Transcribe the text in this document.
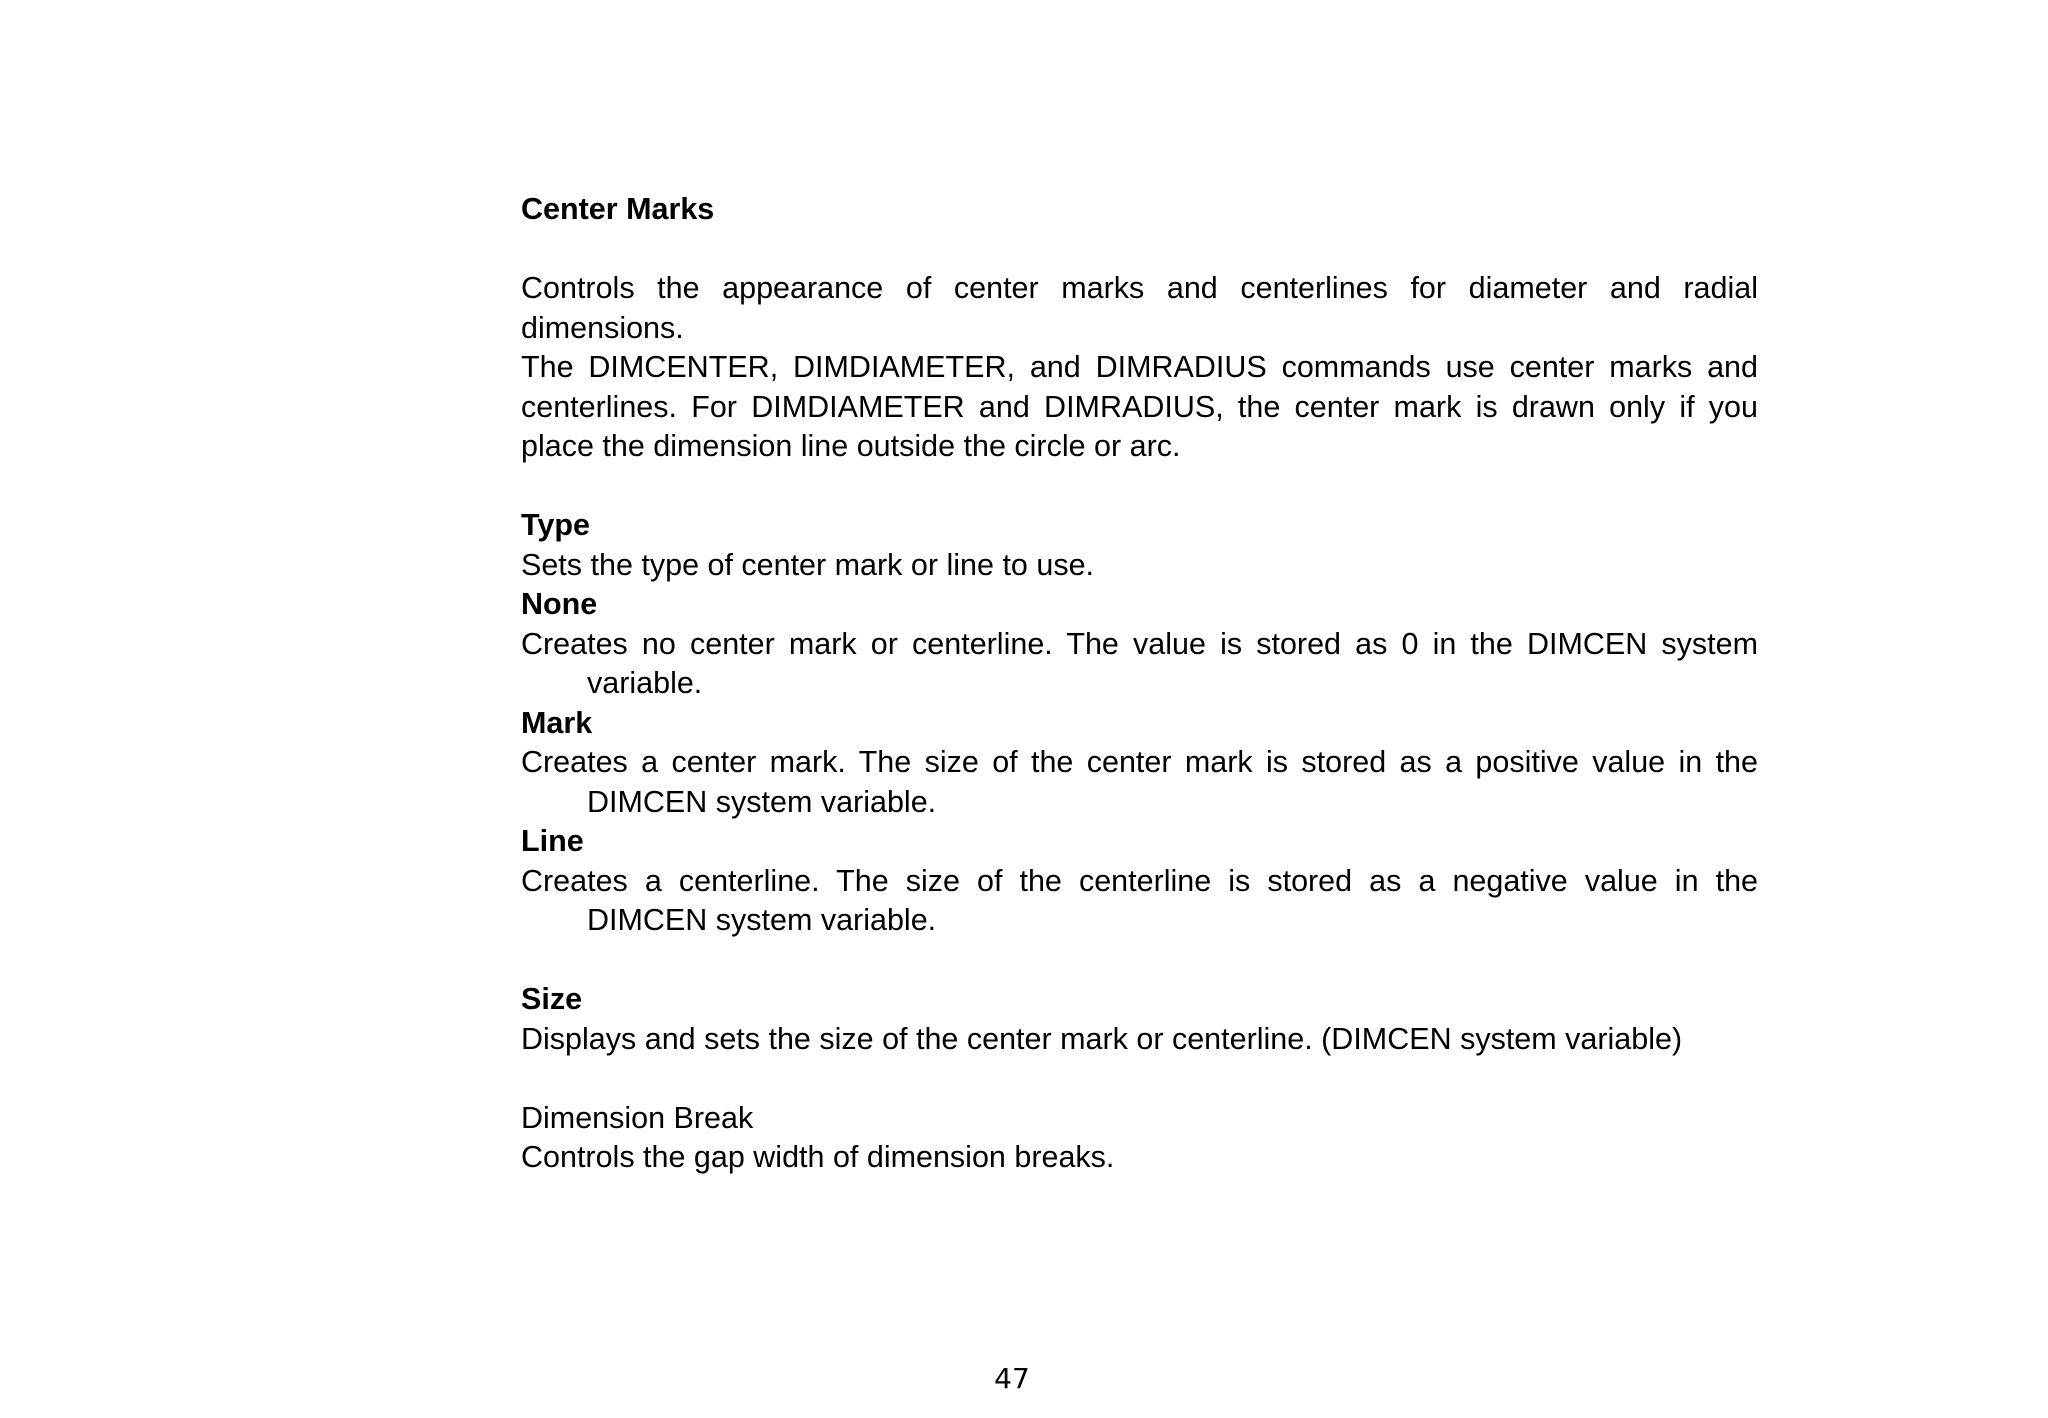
Center Marks

Controls the appearance of center marks and centerlines for diameter and radial dimensions.

The DIMCENTER, DIMDIAMETER, and DIMRADIUS commands use center marks and centerlines. For DIMDIAMETER and DIMRADIUS, the center mark is drawn only if you place the dimension line outside the circle or arc.

Type

Sets the type of center mark or line to use.

None

Creates no center mark or centerline. The value is stored as 0 in the DIMCEN system variable.

Mark

Creates a center mark. The size of the center mark is stored as a positive value in the DIMCEN system variable.

Line

Creates a centerline. The size of the centerline is stored as a negative value in the DIMCEN system variable.

Size

Displays and sets the size of the center mark or centerline. (DIMCEN system variable)

Dimension Break

Controls the gap width of dimension breaks.

47
